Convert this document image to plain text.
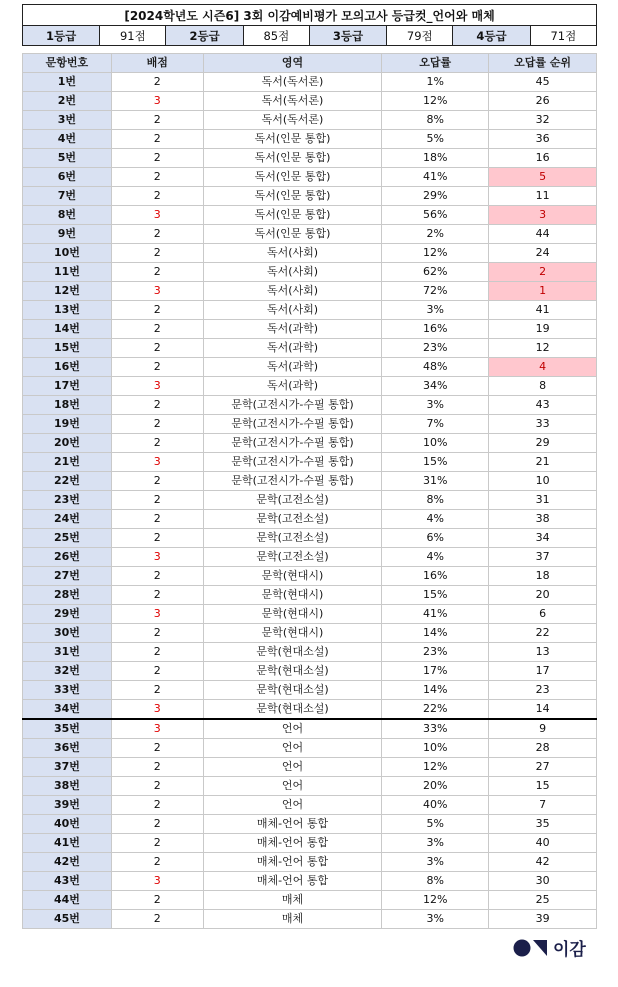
[2024학년도 시즌6] 3회 이감예비평가 모의고사 등급컷_언어와 매체
1등급	91점	2등급	85점	3등급	79점	4등급	71점
문항번호	배점	영역	오답률	오답률 순위
1번	2	독서(독서론)	1%	45
2번	3	독서(독서론)	12%	26
3번	2	독서(독서론)	8%	32
4번	2	독서(인문 통합)	5%	36
5번	2	독서(인문 통합)	18%	16
6번	2	독서(인문 통합)	41%	5
7번	2	독서(인문 통합)	29%	11
8번	3	독서(인문 통합)	56%	3
9번	2	독서(인문 통합)	2%	44
10번	2	독서(사회)	12%	24
11번	2	독서(사회)	62%	2
12번	3	독서(사회)	72%	1
13번	2	독서(사회)	3%	41
14번	2	독서(과학)	16%	19
15번	2	독서(과학)	23%	12
16번	2	독서(과학)	48%	4
17번	3	독서(과학)	34%	8
18번	2	문학(고전시가-수필 통합)	3%	43
19번	2	문학(고전시가-수필 통합)	7%	33
20번	2	문학(고전시가-수필 통합)	10%	29
21번	3	문학(고전시가-수필 통합)	15%	21
22번	2	문학(고전시가-수필 통합)	31%	10
23번	2	문학(고전소설)	8%	31
24번	2	문학(고전소설)	4%	38
25번	2	문학(고전소설)	6%	34
26번	3	문학(고전소설)	4%	37
27번	2	문학(현대시)	16%	18
28번	2	문학(현대시)	15%	20
29번	3	문학(현대시)	41%	6
30번	2	문학(현대시)	14%	22
31번	2	문학(현대소설)	23%	13
32번	2	문학(현대소설)	17%	17
33번	2	문학(현대소설)	14%	23
34번	3	문학(현대소설)	22%	14
35번	3	언어	33%	9
36번	2	언어	10%	28
37번	2	언어	12%	27
38번	2	언어	20%	15
39번	2	언어	40%	7
40번	2	매체-언어 통합	5%	35
41번	2	매체-언어 통합	3%	40
42번	2	매체-언어 통합	3%	42
43번	3	매체-언어 통합	8%	30
44번	2	매체	12%	25
45번	2	매체	3%	39
이감
